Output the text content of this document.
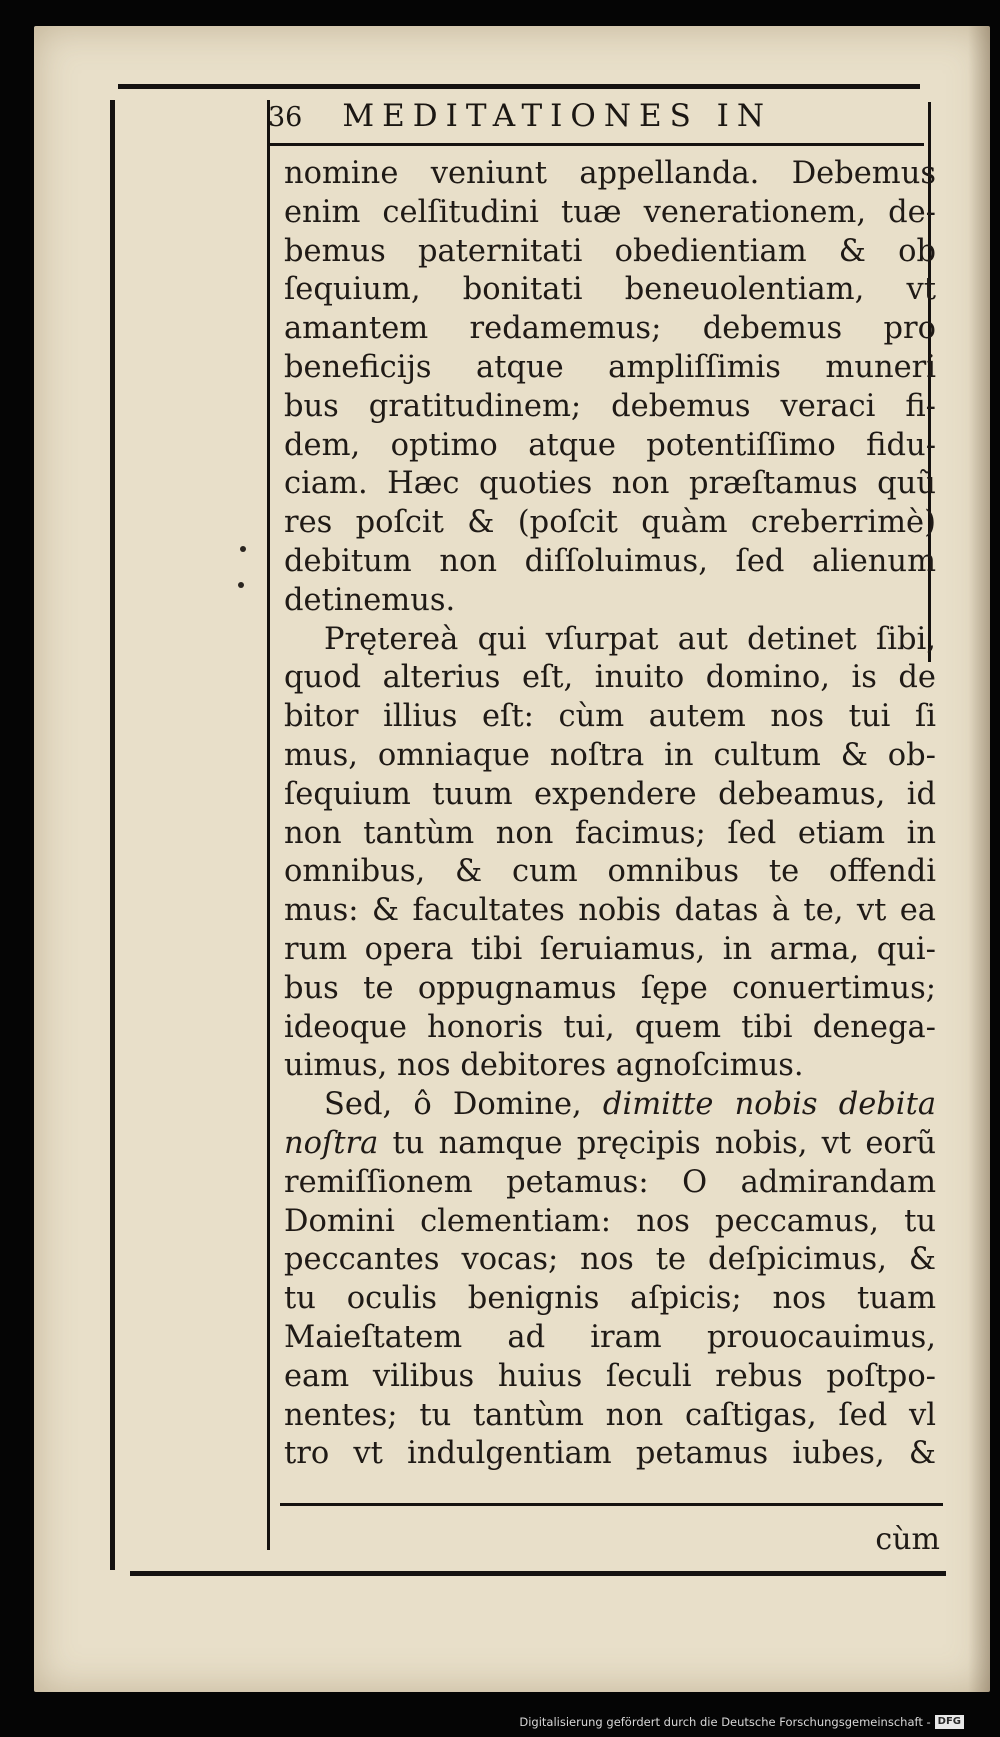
36 MEDITATIONES IN
nomine veniunt appellanda. Debemus
enim celſitudini tuæ venerationem, de-
bemus paternitati obedientiam & ob
ſequium, bonitati beneuolentiam, vt
amantem redamemus; debemus pro
beneficijs atque ampliſſimis muneri
bus gratitudinem; debemus veraci fi-
dem, optimo atque potentiſſimo fidu-
ciam. Hæc quoties non præſtamus quũ
res poſcit & (poſcit quàm creberrimè)
debitum non diſſoluimus, ſed alienum
detinemus.
Prętereà qui vſurpat aut detinet ſibi,
quod alterius eſt, inuito domino, is de
bitor illius eſt: cùm autem nos tui ſi
mus, omniaque noſtra in cultum & ob-
ſequium tuum expendere debeamus, id
non tantùm non facimus; ſed etiam in
omnibus, & cum omnibus te offendi
mus: & facultates nobis datas à te, vt ea
rum opera tibi ſeruiamus, in arma, qui-
bus te oppugnamus ſępe conuertimus;
ideoque honoris tui, quem tibi denega-
uimus, nos debitores agnoſcimus.
Sed, ô Domine, dimitte nobis debita
noſtra tu namque pręcipis nobis, vt eorũ
remiſſionem petamus: O admirandam
Domini clementiam: nos peccamus, tu
peccantes vocas; nos te deſpicimus, &
tu oculis benignis aſpicis; nos tuam
Maieſtatem ad iram prouocauimus,
eam vilibus huius ſeculi rebus poſtpo-
nentes; tu tantùm non caſtigas, ſed vl
tro vt indulgentiam petamus iubes, &
cùm
Digitalisierung gefördert durch die Deutsche Forschungsgemeinschaft - DFG
